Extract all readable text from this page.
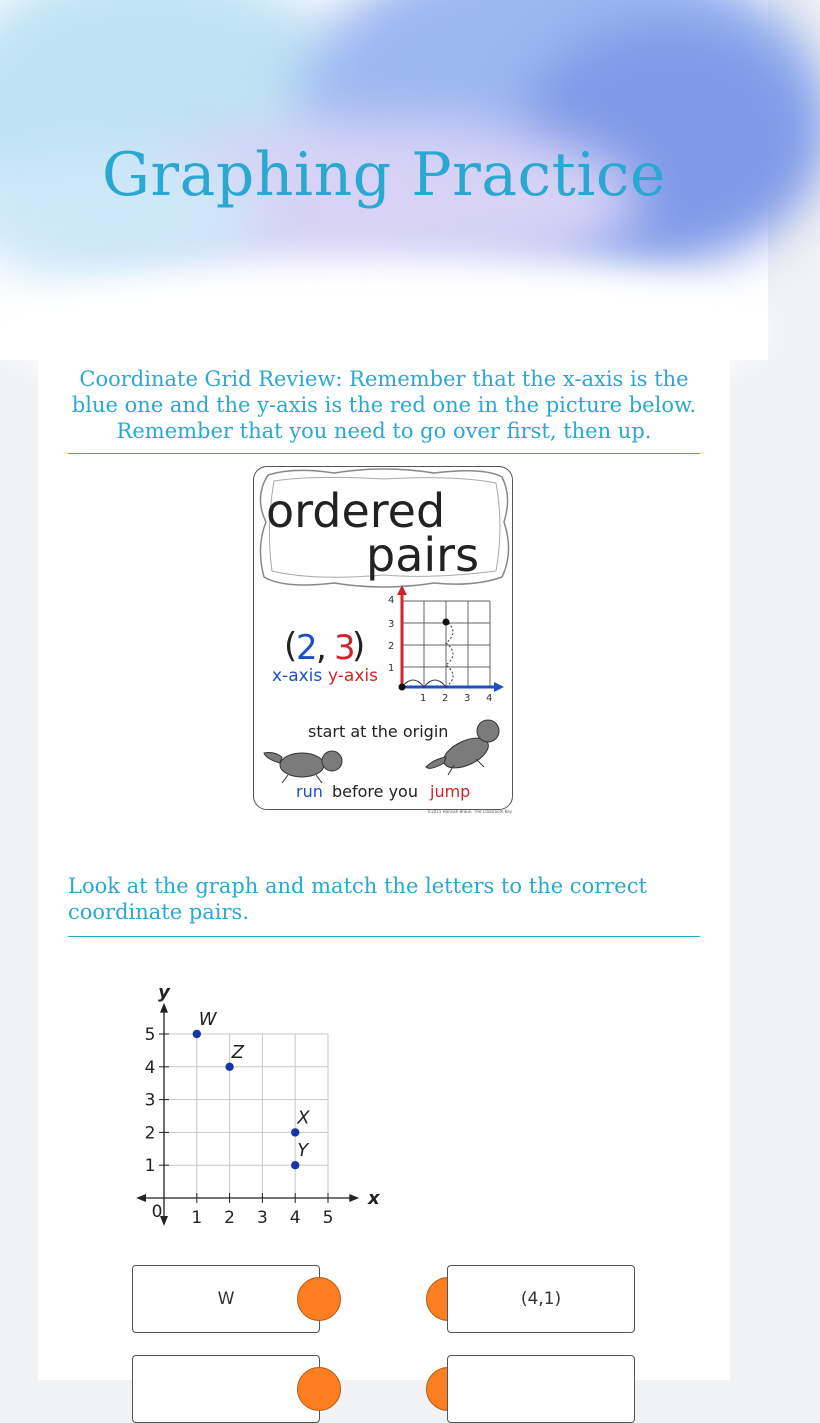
Graphing Practice
Coordinate Grid Review: Remember that the x-axis is the blue one and the y-axis is the red one in the picture below. Remember that you need to go over first, then up.
ordered
pairs
(
2
, 3
)
x-axis y-axis
4
3
2
1
1 2 3 4
start at the origin
run before you jump
©2015 Hannah Braun, The Classroom Key
Look at the graph and match the letters to the correct coordinate pairs.
1 2 3 4 5
1
2
3
4
5
0
x
y
W
Z
X
Y
W	(4,1)
